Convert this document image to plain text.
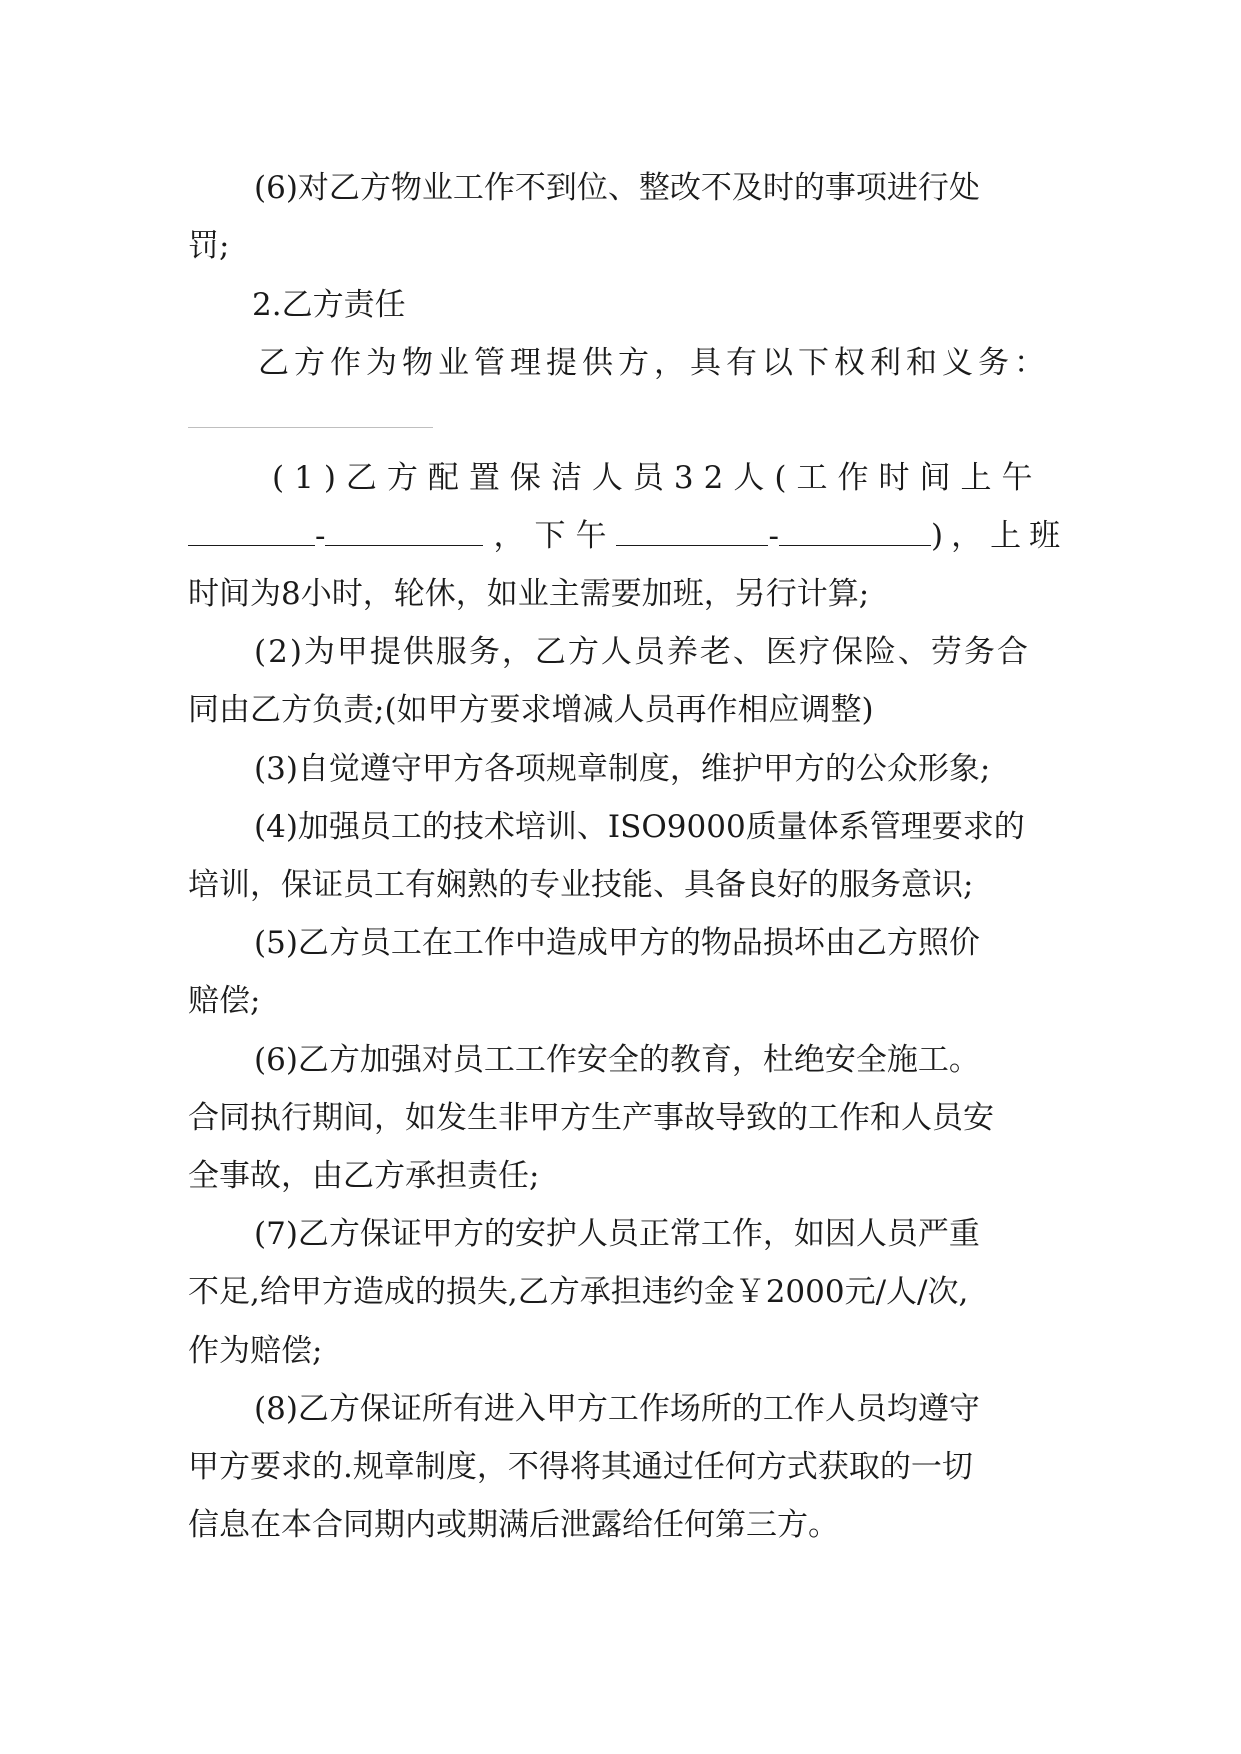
(6)对乙方物业工作不到位、整改不及时的事项进行处

罚;

2.乙方责任

乙方作为物业管理提供方，具有以下权利和义务：

(1)乙方配置保洁人员32人(工作时间上午

-	，下午	-	)，上班

时间为8小时，轮休，如业主需要加班，另行计算;

(2)为甲提供服务，乙方人员养老、医疗保险、劳务合

同由乙方负责;(如甲方要求增减人员再作相应调整)

(3)自觉遵守甲方各项规章制度，维护甲方的公众形象;

(4)加强员工的技术培训、ISO9000质量体系管理要求的

培训，保证员工有娴熟的专业技能、具备良好的服务意识;

(5)乙方员工在工作中造成甲方的物品损坏由乙方照价

赔偿;

(6)乙方加强对员工工作安全的教育，杜绝安全施工。

合同执行期间，如发生非甲方生产事故导致的工作和人员安

全事故，由乙方承担责任;

(7)乙方保证甲方的安护人员正常工作，如因人员严重

不足,给甲方造成的损失,乙方承担违约金￥2000元/人/次,

作为赔偿;

(8)乙方保证所有进入甲方工作场所的工作人员均遵守

甲方要求的.规章制度，不得将其通过任何方式获取的一切

信息在本合同期内或期满后泄露给任何第三方。
